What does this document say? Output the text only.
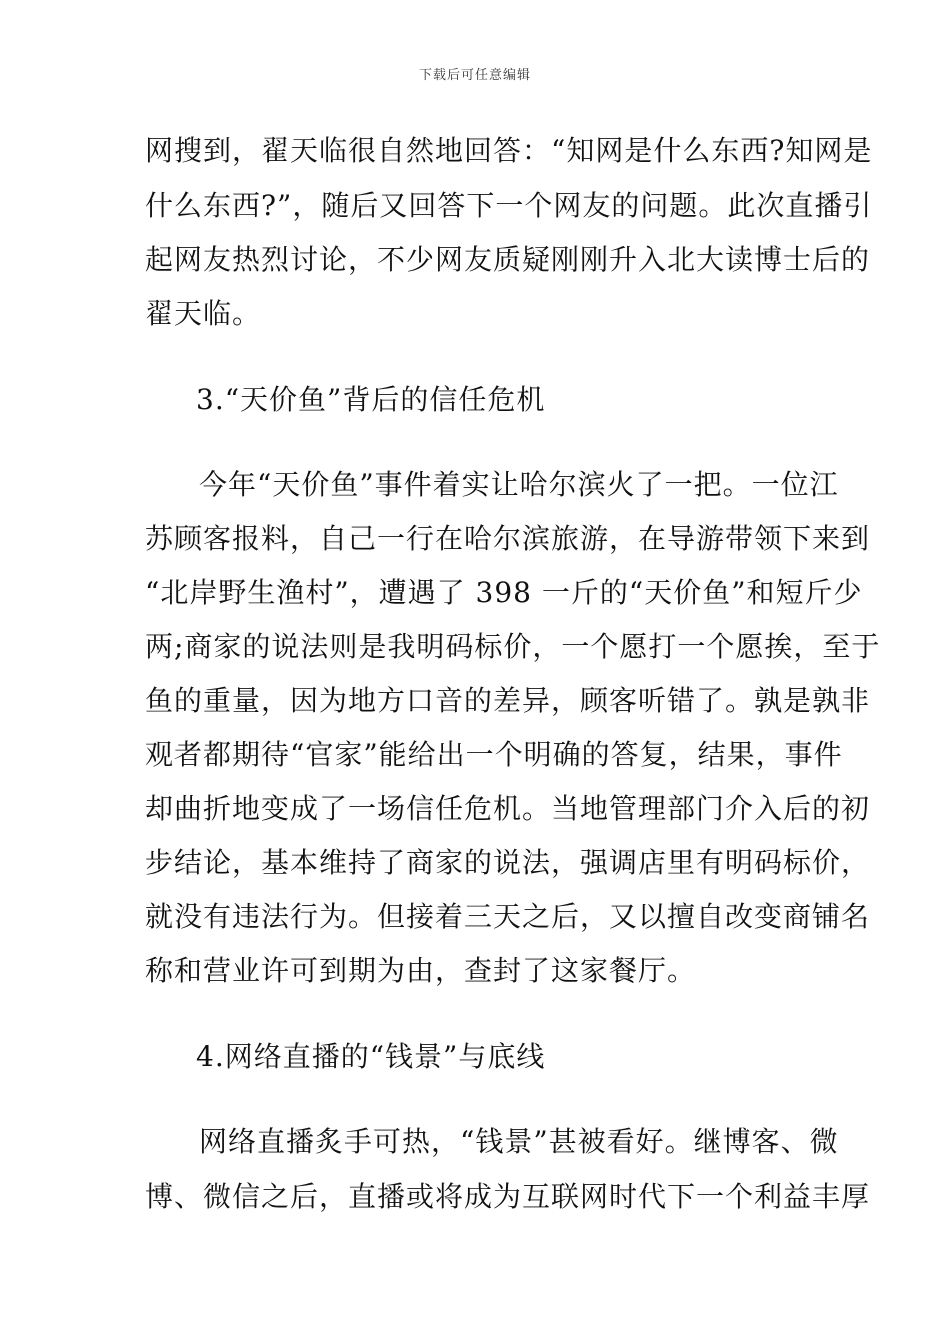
下载后可任意编辑
网搜到，翟天临很自然地回答：“知网是什么东西?知网是
什么东西?”，随后又回答下一个网友的问题。此次直播引
起网友热烈讨论，不少网友质疑刚刚升入北大读博士后的
翟天临。
3.“天价鱼”背后的信任危机
今年“天价鱼”事件着实让哈尔滨火了一把。一位江
苏顾客报料，自己一行在哈尔滨旅游，在导游带领下来到
“北岸野生渔村”，遭遇了 398 一斤的“天价鱼”和短斤少
两;商家的说法则是我明码标价，一个愿打一个愿挨，至于
鱼的重量，因为地方口音的差异，顾客听错了。孰是孰非
观者都期待“官家”能给出一个明确的答复，结果，事件
却曲折地变成了一场信任危机。当地管理部门介入后的初
步结论，基本维持了商家的说法，强调店里有明码标价，
就没有违法行为。但接着三天之后，又以擅自改变商铺名
称和营业许可到期为由，查封了这家餐厅。
4.网络直播的“钱景”与底线
网络直播炙手可热，“钱景”甚被看好。继博客、微
博、微信之后，直播或将成为互联网时代下一个利益丰厚
